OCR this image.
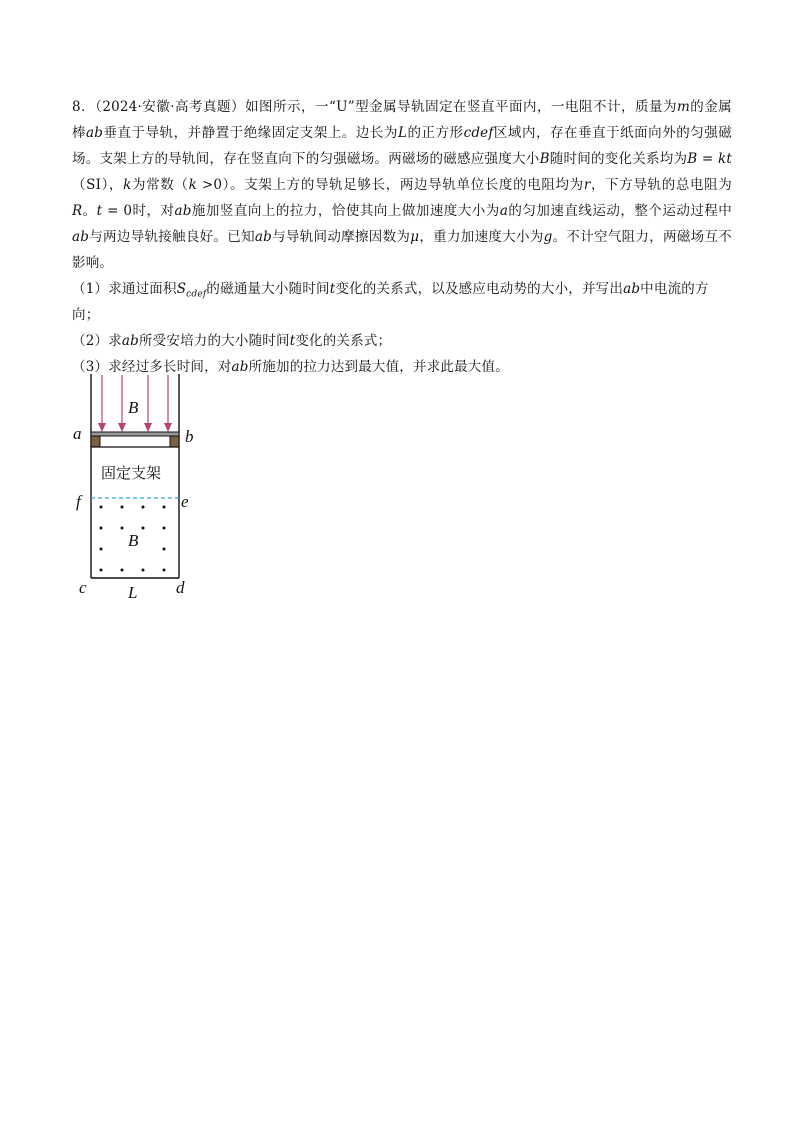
8．（2024·安徽·高考真题）如图所示，一“U”型金属导轨固定在竖直平面内，一电阻不计，质量为m的金属棒ab垂直于导轨，并静置于绝缘固定支架上。边长为L的正方形cdef区域内，存在垂直于纸面向外的匀强磁场。支架上方的导轨间，存在竖直向下的匀强磁场。两磁场的磁感应强度大小B随时间的变化关系均为B = kt（SI），k为常数（k >0）。支架上方的导轨足够长，两边导轨单位长度的电阻均为r，下方导轨的总电阻为R。t = 0时，对ab施加竖直向上的拉力，恰使其向上做加速度大小为a的匀加速直线运动，整个运动过程中ab与两边导轨接触良好。已知ab与导轨间动摩擦因数为μ，重力加速度大小为g。不计空气阻力，两磁场互不影响。

（1）求通过面积$S_{cdef}$的磁通量大小随时间t变化的关系式，以及感应电动势的大小，并写出ab中电流的方向；

（2）求ab所受安培力的大小随时间t变化的关系式；

（3）求经过多长时间，对ab所施加的拉力达到最大值，并求此最大值。

B
a	b
固定支架
f	e
B
c	d
L
